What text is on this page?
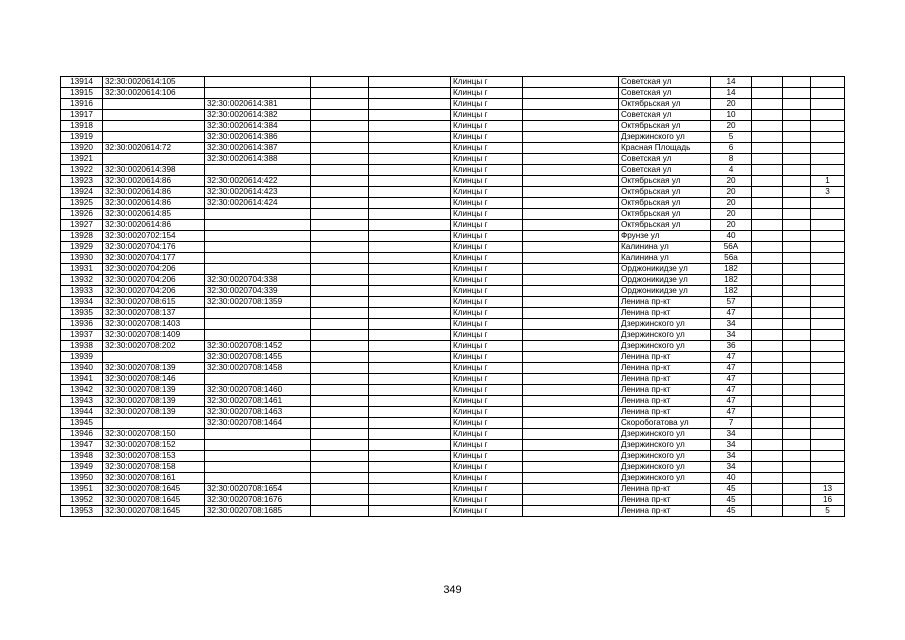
13914	32:30:0020614:105				Клинцы г		Советская ул	14			
13915	32:30:0020614:106				Клинцы г		Советская ул	14			
13916		32:30:0020614:381			Клинцы г		Октябрьская ул	20			
13917		32:30:0020614:382			Клинцы г		Советская ул	10			
13918		32:30:0020614:384			Клинцы г		Октябрьская ул	20			
13919		32:30:0020614:386			Клинцы г		Дзержинского ул	5			
13920	32:30:0020614:72	32:30:0020614:387			Клинцы г		Красная Площадь	6			
13921		32:30:0020614:388			Клинцы г		Советская ул	8			
13922	32:30:0020614:398				Клинцы г		Советская ул	4			
13923	32:30:0020614:86	32:30:0020614:422			Клинцы г		Октябрьская ул	20			1
13924	32:30:0020614:86	32:30:0020614:423			Клинцы г		Октябрьская ул	20			3
13925	32:30:0020614:86	32:30:0020614:424			Клинцы г		Октябрьская ул	20			
13926	32:30:0020614:85				Клинцы г		Октябрьская ул	20			
13927	32:30:0020614:86				Клинцы г		Октябрьская ул	20			
13928	32:30:0020702:154				Клинцы г		Фрунзе ул	40			
13929	32:30:0020704:176				Клинцы г		Калинина ул	56А			
13930	32:30:0020704:177				Клинцы г		Калинина ул	56а			
13931	32:30:0020704:206				Клинцы г		Орджоникидзе ул	182			
13932	32:30:0020704:206	32:30:0020704:338			Клинцы г		Орджоникидзе ул	182			
13933	32:30:0020704:206	32:30:0020704:339			Клинцы г		Орджоникидзе ул	182			
13934	32:30:0020708:615	32:30:0020708:1359			Клинцы г		Ленина пр-кт	57			
13935	32:30:0020708:137				Клинцы г		Ленина пр-кт	47			
13936	32:30:0020708:1403				Клинцы г		Дзержинского ул	34			
13937	32:30:0020708:1409				Клинцы г		Дзержинского ул	34			
13938	32:30:0020708:202	32:30:0020708:1452			Клинцы г		Дзержинского ул	36			
13939		32:30:0020708:1455			Клинцы г		Ленина пр-кт	47			
13940	32:30:0020708:139	32:30:0020708:1458			Клинцы г		Ленина пр-кт	47			
13941	32:30:0020708:146				Клинцы г		Ленина пр-кт	47			
13942	32:30:0020708:139	32:30:0020708:1460			Клинцы г		Ленина пр-кт	47			
13943	32:30:0020708:139	32:30:0020708:1461			Клинцы г		Ленина пр-кт	47			
13944	32:30:0020708:139	32:30:0020708:1463			Клинцы г		Ленина пр-кт	47			
13945		32:30:0020708:1464			Клинцы г		Скоробогатова ул	7			
13946	32:30:0020708:150				Клинцы г		Дзержинского ул	34			
13947	32:30:0020708:152				Клинцы г		Дзержинского ул	34			
13948	32:30:0020708:153				Клинцы г		Дзержинского ул	34			
13949	32:30:0020708:158				Клинцы г		Дзержинского ул	34			
13950	32:30:0020708:161				Клинцы г		Дзержинского ул	40			
13951	32:30:0020708:1645	32:30:0020708:1654			Клинцы г		Ленина пр-кт	45			13
13952	32:30:0020708:1645	32:30:0020708:1676			Клинцы г		Ленина пр-кт	45			16
13953	32:30:0020708:1645	32:30:0020708:1685			Клинцы г		Ленина пр-кт	45			5
349
